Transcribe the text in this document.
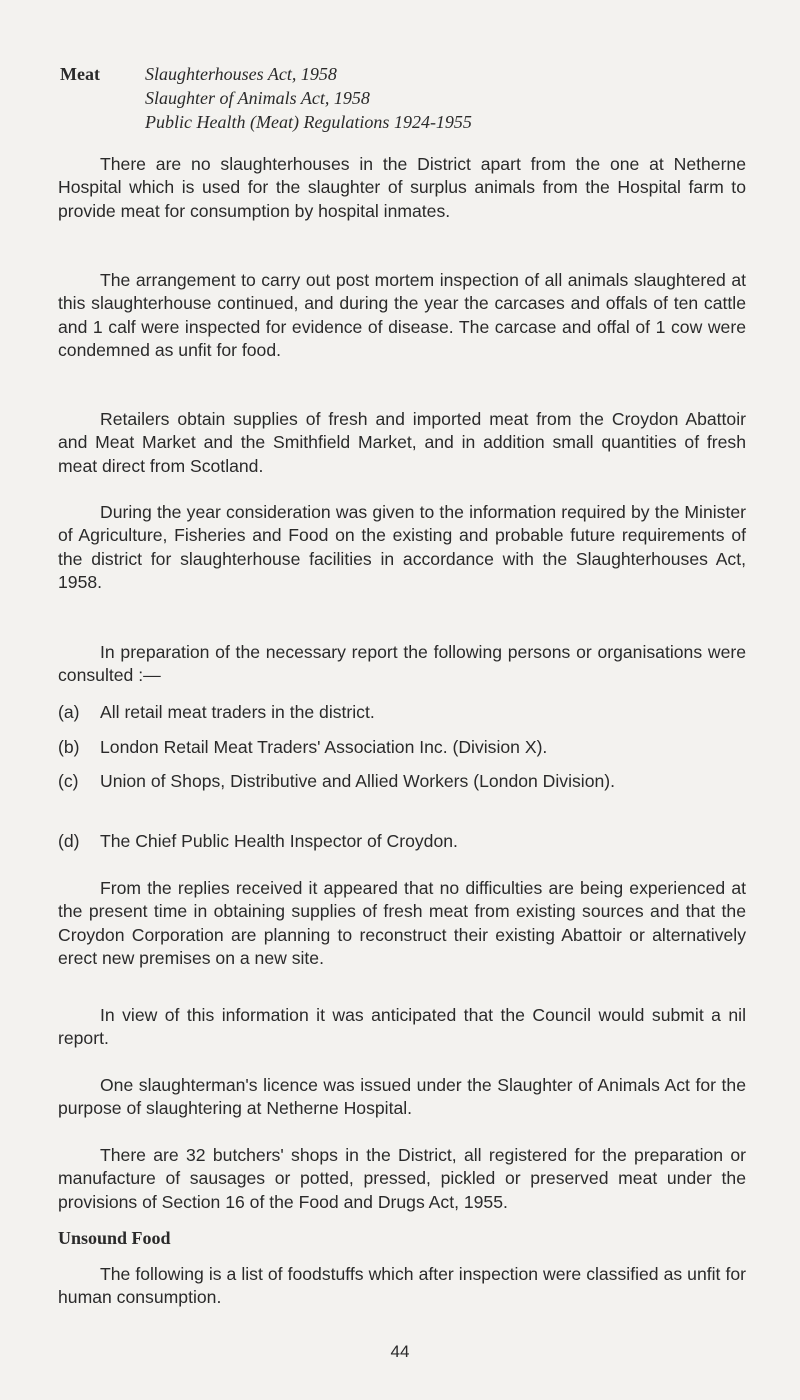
Meat	Slaughterhouses Act, 1958
Slaughter of Animals Act, 1958
Public Health (Meat) Regulations 1924-1955

There are no slaughterhouses in the District apart from the one at Netherne Hospital which is used for the slaughter of surplus animals from the Hospital farm to provide meat for consumption by hospital inmates.

The arrangement to carry out post mortem inspection of all animals slaughtered at this slaughterhouse continued, and during the year the carcases and offals of ten cattle and 1 calf were inspected for evidence of disease. The carcase and offal of 1 cow were condemned as unfit for food.

Retailers obtain supplies of fresh and imported meat from the Croydon Abattoir and Meat Market and the Smithfield Market, and in addition small quantities of fresh meat direct from Scotland.

During the year consideration was given to the information required by the Minister of Agriculture, Fisheries and Food on the existing and probable future requirements of the district for slaughterhouse facilities in accordance with the Slaughterhouses Act, 1958.

In preparation of the necessary report the following persons or organisations were consulted :—

(a) All retail meat traders in the district.
(b) London Retail Meat Traders' Association Inc. (Division X).
(c) Union of Shops, Distributive and Allied Workers (London Division).
(d) The Chief Public Health Inspector of Croydon.

From the replies received it appeared that no difficulties are being experienced at the present time in obtaining supplies of fresh meat from existing sources and that the Croydon Corporation are planning to reconstruct their existing Abattoir or alternatively erect new premises on a new site.

In view of this information it was anticipated that the Council would submit a nil report.

One slaughterman's licence was issued under the Slaughter of Animals Act for the purpose of slaughtering at Netherne Hospital.

There are 32 butchers' shops in the District, all registered for the preparation or manufacture of sausages or potted, pressed, pickled or preserved meat under the provisions of Section 16 of the Food and Drugs Act, 1955.

Unsound Food

The following is a list of foodstuffs which after inspection were classified as unfit for human consumption.

44
